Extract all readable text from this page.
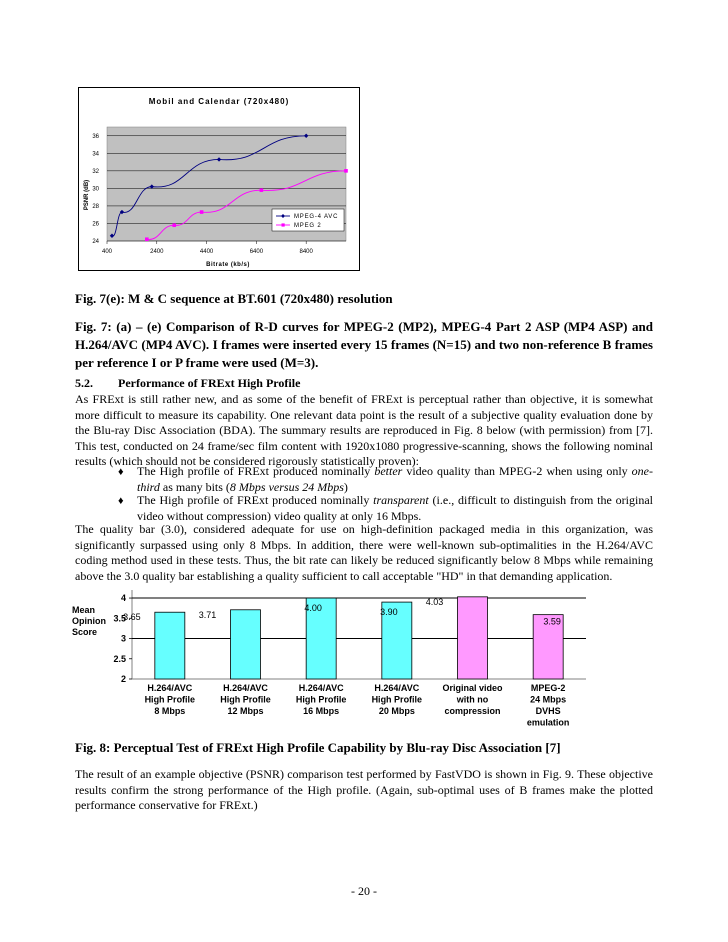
Mobil and Calendar (720x480)
PSNR (dB)
Bitrate (kb/s)
24
26
28
30
32
34
36
400	2400	4400	6400	8400
MPEG-4 AVC
MPEG 2
Fig. 7(e): M & C sequence at BT.601 (720x480) resolution
Fig. 7: (a) – (e) Comparison of R-D curves for MPEG-2 (MP2), MPEG-4 Part 2 ASP (MP4 ASP) and H.264/AVC (MP4 AVC). I frames were inserted every 15 frames (N=15) and two non-reference B frames per reference I or P frame were used (M=3).
5.2. Performance of FRExt High Profile
As FRExt is still rather new, and as some of the benefit of FRExt is perceptual rather than objective, it is somewhat more difficult to measure its capability. One relevant data point is the result of a subjective quality evaluation done by the Blu-ray Disc Association (BDA). The summary results are reproduced in Fig. 8 below (with permission) from [7]. This test, conducted on 24 frame/sec film content with 1920x1080 progressive-scanning, shows the following nominal results (which should not be considered rigorously statistically proven):
♦ The High profile of FRExt produced nominally better video quality than MPEG-2 when using only one-third as many bits (8 Mbps versus 24 Mbps)
♦ The High profile of FRExt produced nominally transparent (i.e., difficult to distinguish from the original video without compression) video quality at only 16 Mbps.
The quality bar (3.0), considered adequate for use on high-definition packaged media in this organization, was significantly surpassed using only 8 Mbps. In addition, there were well-known sub-optimalities in the H.264/AVC coding method used in these tests. Thus, the bit rate can likely be reduced significantly below 8 Mbps while remaining above the 3.0 quality bar establishing a quality sufficient to call acceptable "HD" in that demanding application.
Mean
Opinion
Score
4
3.5
3
2.5
2
3.65
H.264/AVC
High Profile
8 Mbps
3.71
H.264/AVC
High Profile
12 Mbps
4.00
H.264/AVC
High Profile
16 Mbps
3.90
H.264/AVC
High Profile
20 Mbps
4.03
Original video
with no
compression
3.59
MPEG-2
24 Mbps
DVHS
emulation
Fig. 8: Perceptual Test of FRExt High Profile Capability by Blu-ray Disc Association [7]
The result of an example objective (PSNR) comparison test performed by FastVDO is shown in Fig. 9. These objective results confirm the strong performance of the High profile. (Again, sub-optimal uses of B frames make the plotted performance conservative for FRExt.)
- 20 -
